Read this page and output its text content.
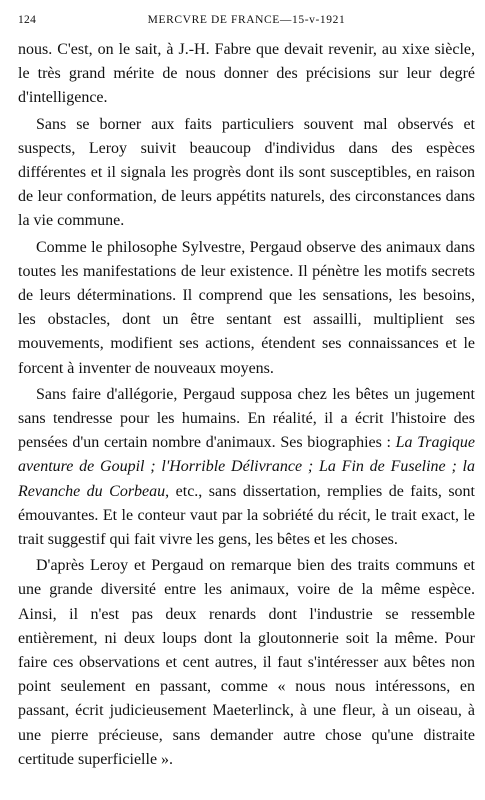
124	MERCVRE DE FRANCE—15-v-1921

nous. C'est, on le sait, à J.-H. Fabre que devait revenir, au xixe siècle, le très grand mérite de nous donner des précisions sur leur degré d'intelligence.

Sans se borner aux faits particuliers souvent mal observés et suspects, Leroy suivit beaucoup d'individus dans des espèces différentes et il signala les progrès dont ils sont susceptibles, en raison de leur conformation, de leurs appétits naturels, des circonstances dans la vie commune.

Comme le philosophe Sylvestre, Pergaud observe des animaux dans toutes les manifestations de leur existence. Il pénètre les motifs secrets de leurs déterminations. Il comprend que les sensations, les besoins, les obstacles, dont un être sentant est assailli, multiplient ses mouvements, modifient ses actions, étendent ses connaissances et le forcent à inventer de nouveaux moyens.

Sans faire d'allégorie, Pergaud supposa chez les bêtes un jugement sans tendresse pour les humains. En réalité, il a écrit l'histoire des pensées d'un certain nombre d'animaux. Ses biographies : La Tragique aventure de Goupil ; l'Horrible Délivrance ; La Fin de Fuseline ; la Revanche du Corbeau, etc., sans dissertation, remplies de faits, sont émouvantes. Et le conteur vaut par la sobriété du récit, le trait exact, le trait suggestif qui fait vivre les gens, les bêtes et les choses.

D'après Leroy et Pergaud on remarque bien des traits communs et une grande diversité entre les animaux, voire de la même espèce. Ainsi, il n'est pas deux renards dont l'industrie se ressemble entièrement, ni deux loups dont la gloutonnerie soit la même. Pour faire ces observations et cent autres, il faut s'intéresser aux bêtes non point seulement en passant, comme « nous nous intéressons, en passant, écrit judicieusement Maeterlinck, à une fleur, à un oiseau, à une pierre précieuse, sans demander autre chose qu'une distraite certitude superficielle ».
